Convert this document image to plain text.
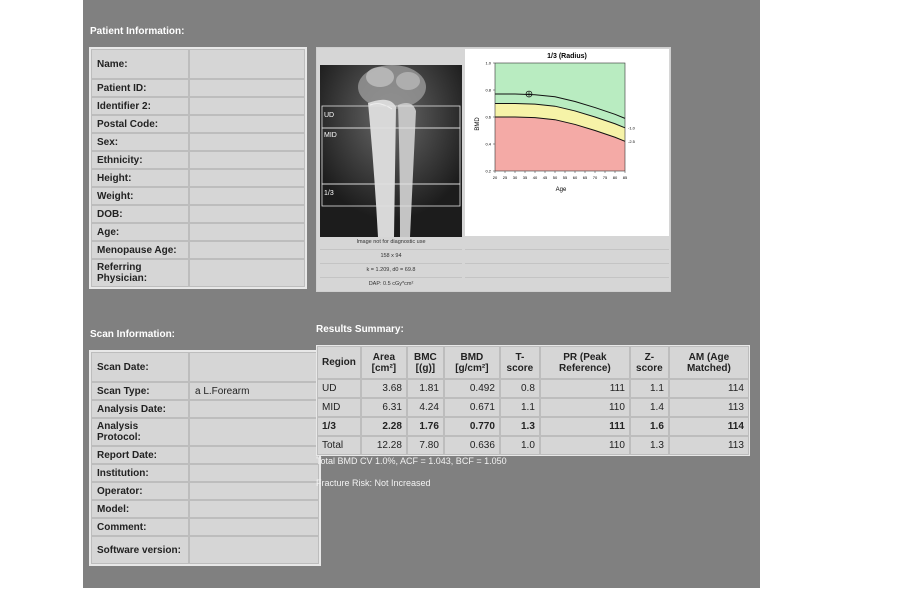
Patient Information:
Name:	
Patient ID:	
Identifier 2:	
Postal Code:	
Sex:	
Ethnicity:	
Height:	
Weight:	
DOB:	
Age:	
Menopause Age:	
Referring Physician:	
UD
MID
1/3
1/3 (Radius)
20 25 30 35 40 45 50 55 60 65 70 75 80 85
1.0
0.8
0.6
0.4
0.2
-1.0
-2.5
Age
BMD
Image not for diagnostic use
158 x 94
k = 1.209, d0 = 69.8
DAP: 0.5 cGy*cm²
Scan Information:
Scan Date:	
Scan Type:	a L.Forearm
Analysis Date:	
Analysis Protocol:	
Report Date:	
Institution:	
Operator:	
Model:	
Comment:	
Software version:	
Results Summary:
Region	Area [cm²]	BMC [(g)]	BMD [g/cm²]	T-score	PR (Peak Reference)	Z-score	AM (Age Matched)
UD	3.68	1.81	0.492	0.8	111	1.1	114
MID	6.31	4.24	0.671	1.1	110	1.4	113
1/3	2.28	1.76	0.770	1.3	111	1.6	114
Total	12.28	7.80	0.636	1.0	110	1.3	113
Total BMD CV 1.0%, ACF = 1.043, BCF = 1.050
Fracture Risk: Not Increased
